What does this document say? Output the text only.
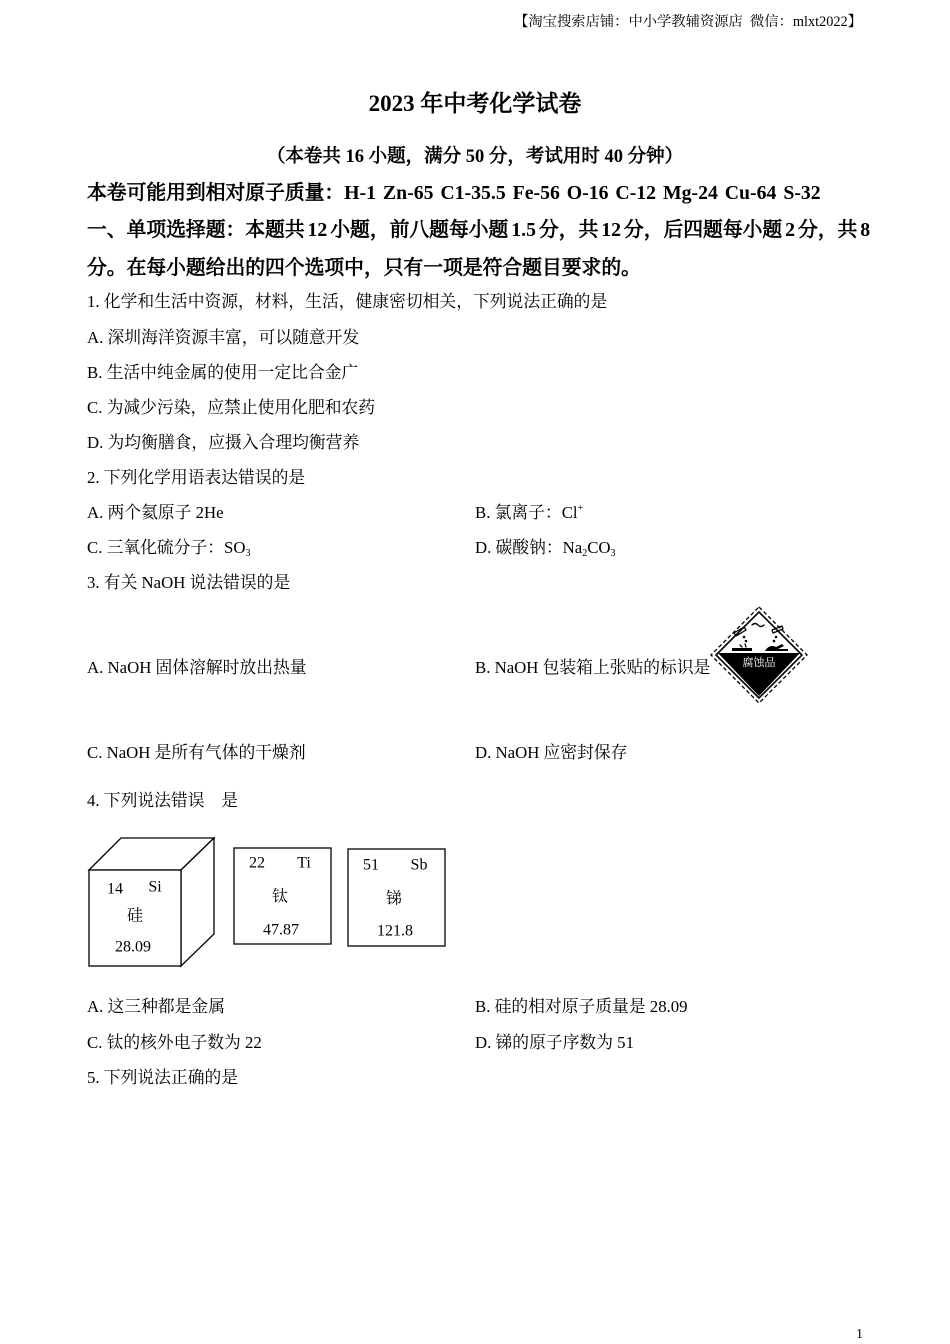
【淘宝搜索店铺：中小学教辅资源店  微信：mlxt2022】
2023 年中考化学试卷
（本卷共 16 小题，满分 50 分，考试用时 40 分钟）
本卷可能用到相对原子质量：H-1  Zn-65  C1-35.5  Fe-56  O-16  C-12  Mg-24  Cu-64  S-32
一、单项选择题：本题共 12 小题，前八题每小题 1.5 分，共 12 分，后四题每小题 2 分，共 8
分。在每小题给出的四个选项中，只有一项是符合题目要求的。
1. 化学和生活中资源，材料，生活，健康密切相关，下列说法正确的是
A. 深圳海洋资源丰富，可以随意开发
B. 生活中纯金属的使用一定比合金广
C. 为减少污染，应禁止使用化肥和农药
D. 为均衡膳食，应摄入合理均衡营养
2. 下列化学用语表达错误的是
A. 两个氦原子 2He	B. 氯离子：Cl+
C. 三氧化硫分子：$SO_3$	D. 碳酸钠：$Na_2CO_3$
3. 有关 NaOH 说法错误的是
A. NaOH 固体溶解时放出热量	B. NaOH 包装箱上张贴的标识是	腐蚀品
C. NaOH 是所有气体的干燥剂	D. NaOH 应密封保存
4. 下列说法错误　是
14 Si
硅
28.09
22 Ti
钛
47.87
51 Sb
锑
121.8
A. 这三种都是金属	B. 硅的相对原子质量是 28.09
C. 钛的核外电子数为 22	D. 锑的原子序数为 51
5. 下列说法正确的是
1
